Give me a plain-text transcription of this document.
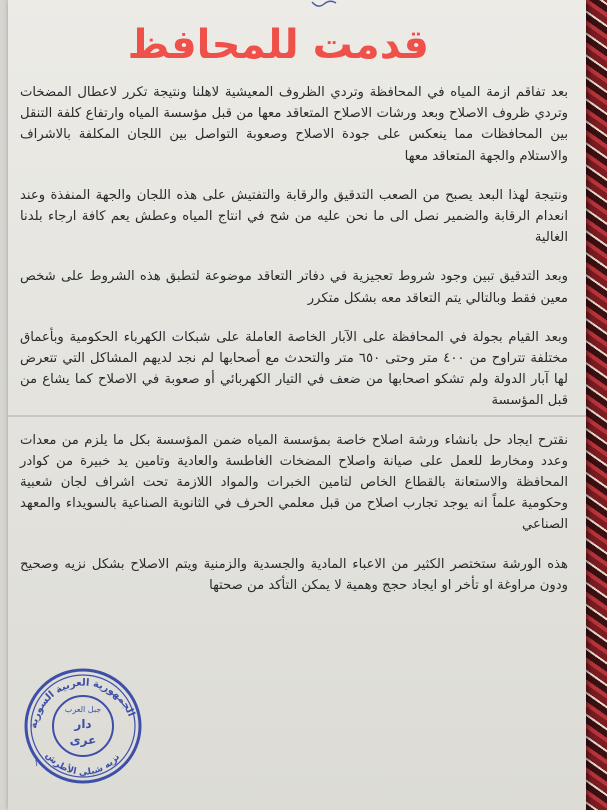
قدمت للمحافظ

بعد تفاقم ازمة المياه في المحافظة وتردي الظروف المعيشية لاهلنا ونتيجة تكرر لاعطال المضخات وتردي ظروف الاصلاح وبعد ورشات الاصلاح المتعاقد معها من قبل مؤسسة المياه وارتفاع كلفة التنقل بين المحافظات مما ينعكس على جودة الاصلاح وصعوبة التواصل بين اللجان المكلفة بالاشراف والاستلام والجهة المتعاقد معها

ونتيجة لهذا البعد يصبح من الصعب التدقيق والرقابة والتفتيش على هذه اللجان والجهة المنفذة وعند انعدام الرقابة والضمير نصل الى ما نحن عليه من شح في انتاج المياه وعطش يعم كافة ارجاء بلدنا الغالية

وبعد التدقيق تبين وجود شروط تعجيزية في دفاتر التعاقد موضوعة لتطبق هذه الشروط على شخص معين فقط وبالتالي يتم التعاقد معه بشكل متكرر

وبعد القيام بجولة في المحافظة على الآبار الخاصة العاملة على شبكات الكهرباء الحكومية وبأعماق مختلفة تتراوح من ٤٠٠ متر وحتى ٦٥٠ متر والتحدث مع أصحابها لم نجد لديهم المشاكل التي تتعرض لها آبار الدولة ولم تشكو اصحابها من ضعف في التيار الكهربائي أو صعوبة في الاصلاح كما يشاع من قبل المؤسسة

نقترح ايجاد حل بانشاء ورشة اصلاح خاصة بمؤسسة المياه ضمن المؤسسة بكل ما يلزم من معدات وعدد ومخارط للعمل على صيانة واصلاح المضخات الغاطسة والعادية وتامين يد خبيرة من كوادر المحافظة والاستعانة بالقطاع الخاص لتامين الخبرات والمواد اللازمة تحت اشراف لجان شعبية وحكومية علماً انه يوجد تجارب اصلاح من قبل معلمي الحرف في الثانوية الصناعية بالسويداء والمعهد الصناعي

هذه الورشة ستختصر الكثير من الاعباء المادية والجسدية والزمنية ويتم الاصلاح بشكل نزيه وصحيح ودون مراوغة او تأخر او ايجاد حجج وهمية لا يمكن التأكد من صحتها

الجمهورية العربية السورية
نزيه شبلي الأطرش
جبل العرب
دار
عرى
١
